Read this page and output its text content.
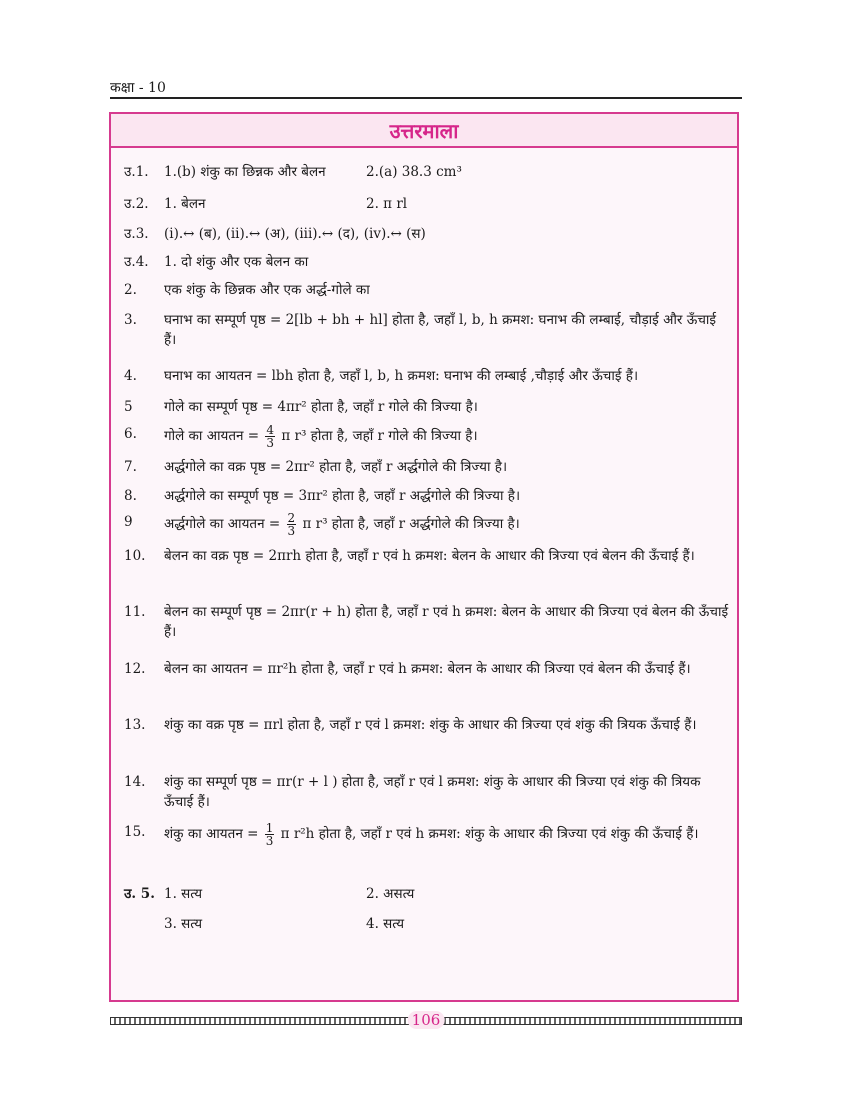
कक्षा - 10
उत्तरमाला
उ.1. 1.(b) शंकु का छिन्नक और बेलन	2.(a) 38.3 cm³
उ.2. 1. बेलन	2. π rl
उ.3. (i).↔ (ब), (ii).↔ (अ), (iii).↔ (द), (iv).↔ (स)
उ.4. 1. दो शंकु और एक बेलन का
2. एक शंकु के छिन्नक और एक अर्द्ध-गोले का
3. घनाभ का सम्पूर्ण पृष्ठ = 2[lb + bh + hl] होता है, जहाँ l, b, h क्रमश: घनाभ की लम्बाई, चौड़ाई और ऊँचाई हैं।
4. घनाभ का आयतन = lbh होता है, जहाँ l, b, h क्रमश: घनाभ की लम्बाई ,चौड़ाई और ऊँचाई हैं।
5 गोले का सम्पूर्ण पृष्ठ = 4πr² होता है, जहाँ r गोले की त्रिज्या है।
6. गोले का आयतन = $\frac{4}{3}$ π r³ होता है, जहाँ r गोले की त्रिज्या है।
7. अर्द्धगोले का वक्र पृष्ठ = 2πr² होता है, जहाँ r अर्द्धगोले की त्रिज्या है।
8. अर्द्धगोले का सम्पूर्ण पृष्ठ = 3πr² होता है, जहाँ r अर्द्धगोले की त्रिज्या है।
9 अर्द्धगोले का आयतन = $\frac{2}{3}$ π r³ होता है, जहाँ r अर्द्धगोले की त्रिज्या है।
10. बेलन का वक्र पृष्ठ = 2πrh होता है, जहाँ r एवं h क्रमश: बेलन के आधार की त्रिज्या एवं बेलन की ऊँचाई हैं।
11. बेलन का सम्पूर्ण पृष्ठ = 2πr(r + h) होता है, जहाँ r एवं h क्रमश: बेलन के आधार की त्रिज्या एवं बेलन की ऊँचाई हैं।
12. बेलन का आयतन = πr²h होता है, जहाँ r एवं h क्रमश: बेलन के आधार की त्रिज्या एवं बेलन की ऊँचाई हैं।
13. शंकु का वक्र पृष्ठ = πrl होता है, जहाँ r एवं l क्रमश: शंकु के आधार की त्रिज्या एवं शंकु की त्रियक ऊँचाई हैं।
14. शंकु का सम्पूर्ण पृष्ठ = πr(r + l ) होता है, जहाँ r एवं l क्रमश: शंकु के आधार की त्रिज्या एवं शंकु की त्रियक ऊँचाई हैं।
15. शंकु का आयतन = $\frac{1}{3}$ π r²h होता है, जहाँ r एवं h क्रमश: शंकु के आधार की त्रिज्या एवं शंकु की ऊँचाई हैं।
उ. 5. 1. सत्य	2. असत्य
3. सत्य	4. सत्य
106
